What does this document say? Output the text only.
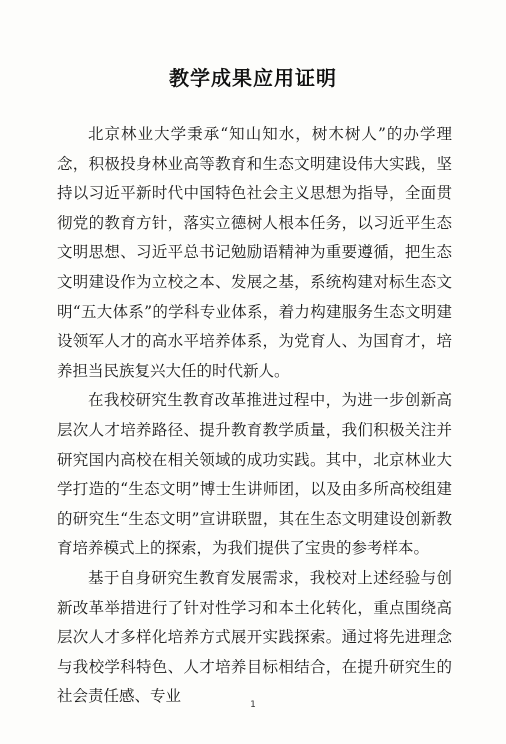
教学成果应用证明

北京林业大学秉承“知山知水，树木树人”的办学理念，积极投身林业高等教育和生态文明建设伟大实践，坚持以习近平新时代中国特色社会主义思想为指导，全面贯彻党的教育方针，落实立德树人根本任务，以习近平生态文明思想、习近平总书记勉励语精神为重要遵循，把生态文明建设作为立校之本、发展之基，系统构建对标生态文明“五大体系”的学科专业体系，着力构建服务生态文明建设领军人才的高水平培养体系，为党育人、为国育才，培养担当民族复兴大任的时代新人。

在我校研究生教育改革推进过程中，为进一步创新高层次人才培养路径、提升教育教学质量，我们积极关注并研究国内高校在相关领域的成功实践。其中，北京林业大学打造的“生态文明”博士生讲师团，以及由多所高校组建的研究生“生态文明”宣讲联盟，其在生态文明建设创新教育培养模式上的探索，为我们提供了宝贵的参考样本。

基于自身研究生教育发展需求，我校对上述经验与创新改革举措进行了针对性学习和本土化转化，重点围绕高层次人才多样化培养方式展开实践探索。通过将先进理念与我校学科特色、人才培养目标相结合，在提升研究生的社会责任感、专业	1
